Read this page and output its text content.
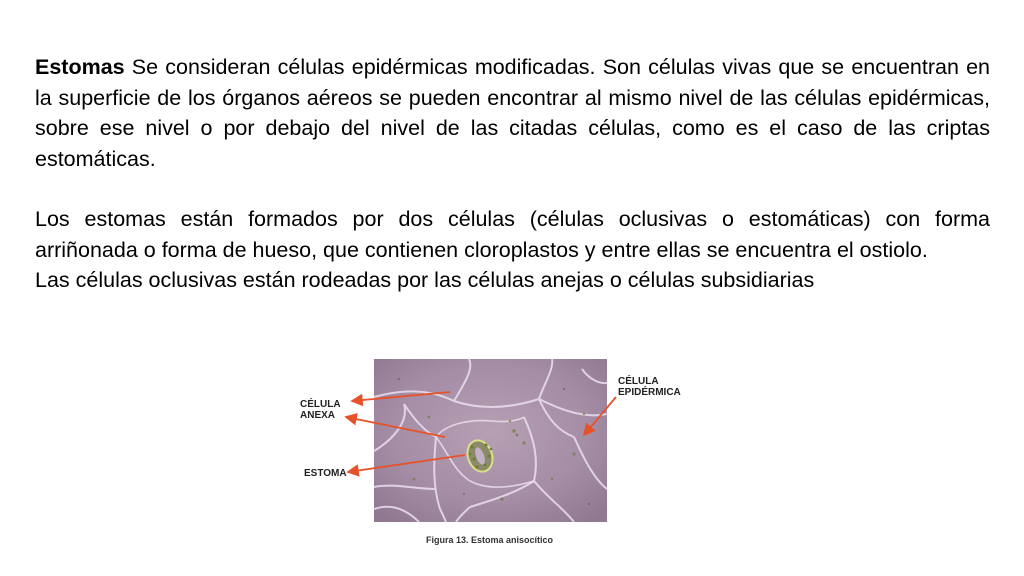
Estomas Se consideran células epidérmicas modificadas. Son células vivas que se encuentran en la superficie de los órganos aéreos se pueden encontrar al mismo nivel de las células epidérmicas, sobre ese nivel o por debajo del nivel de las citadas células, como es el caso de las criptas estomáticas.

Los estomas están formados por dos células (células oclusivas o estomáticas) con forma arriñonada o forma de hueso, que contienen cloroplastos y entre ellas se encuentra el ostiolo.

Las células oclusivas están rodeadas por las células anejas o células subsidiarias

CÉLULA
ANEXA
ESTOMA
CÉLULA
EPIDÉRMICA
Figura 13. Estoma anisocítico
